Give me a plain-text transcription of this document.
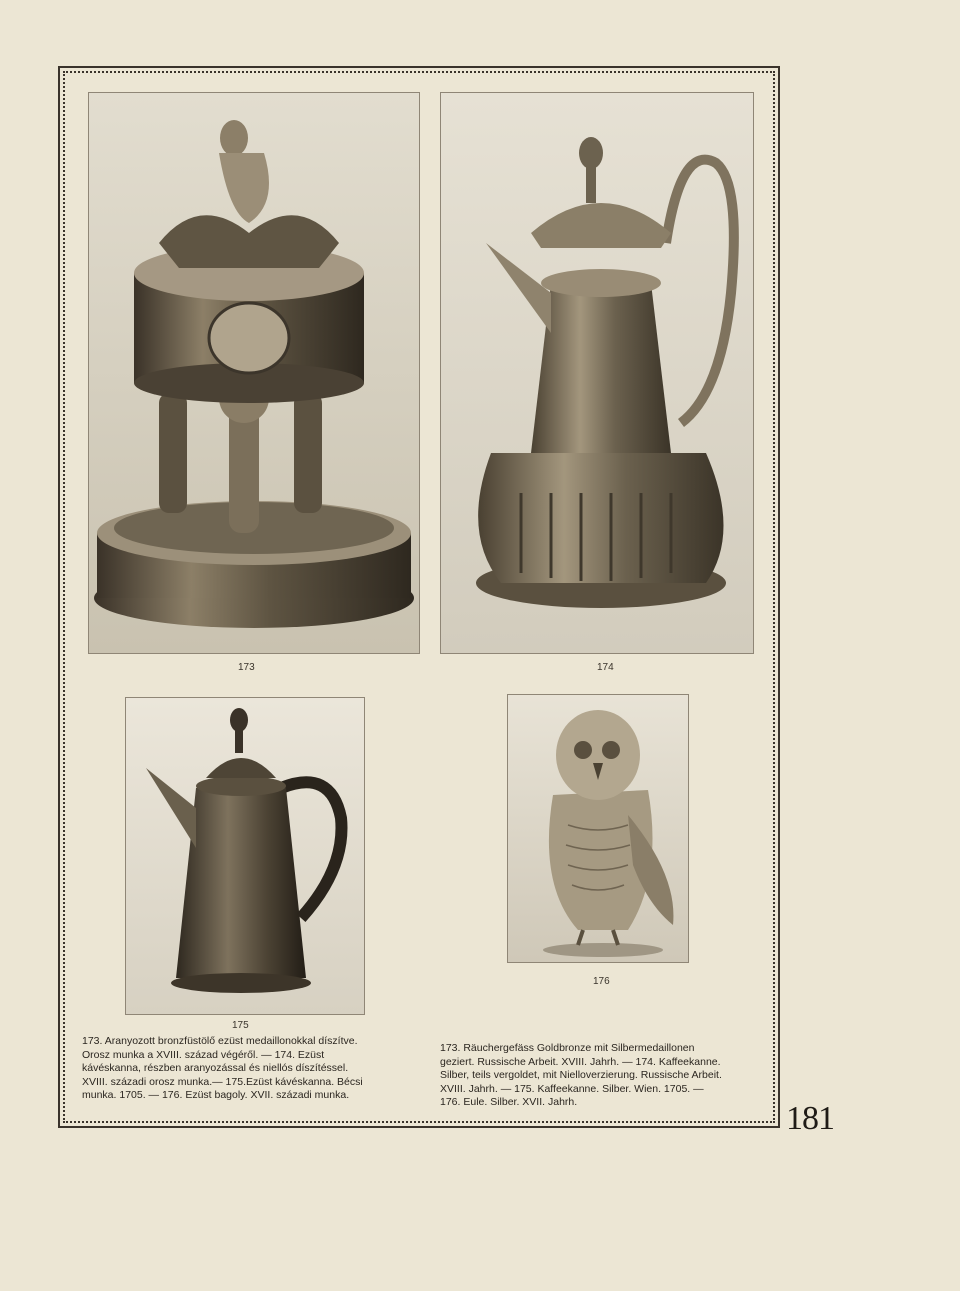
173	174
175
176
173. Aranyozott bronzfüstölő ezüst medaillonokkal díszítve.
Orosz munka a XVIII. század végéről. — 174. Ezüst
kávéskanna, részben aranyozással és niellós díszítéssel.
XVIII. századi orosz munka.— 175.Ezüst kávéskanna. Bécsi
munka. 1705. — 176. Ezüst bagoly. XVII. századi munka.
173. Räuchergefäss Goldbronze mit Silbermedaillonen
geziert. Russische Arbeit. XVIII. Jahrh. — 174. Kaffeekanne.
Silber, teils vergoldet, mit Nielloverzierung. Russische Arbeit.
XVIII. Jahrh. — 175. Kaffeekanne. Silber. Wien. 1705. —
176. Eule. Silber. XVII. Jahrh.	181
